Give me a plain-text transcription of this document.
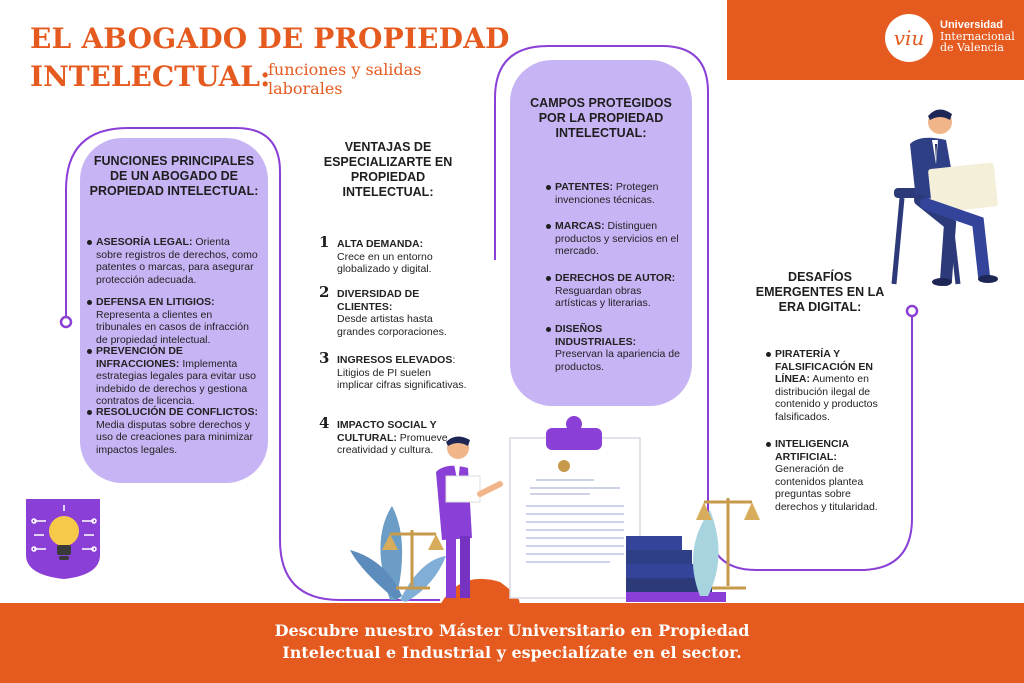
EL ABOGADO DE PROPIEDAD
INTELECTUAL:
funciones y salidas laborales
viu
Universidad
Internacional
de Valencia
FUNCIONES PRINCIPALES DE UN ABOGADO DE PROPIEDAD INTELECTUAL:
ASESORÍA LEGAL: Orienta sobre registros de derechos, como patentes o marcas, para asegurar protección adecuada.
DEFENSA EN LITIGIOS: Representa a clientes en tribunales en casos de infracción de propiedad intelectual.
PREVENCIÓN DE INFRACCIONES: Implementa estrategias legales para evitar uso indebido de derechos y gestiona contratos de licencia.
RESOLUCIÓN DE CONFLICTOS: Media disputas sobre derechos y uso de creaciones para minimizar impactos legales.
VENTAJAS DE ESPECIALIZARTE EN PROPIEDAD INTELECTUAL:
1 ALTA DEMANDA:
Crece en un entorno globalizado y digital.
2 DIVERSIDAD DE CLIENTES:
Desde artistas hasta grandes corporaciones.
3 INGRESOS ELEVADOS: Litigios de PI suelen implicar cifras significativas.
4 IMPACTO SOCIAL Y CULTURAL: Promueve creatividad y cultura.
CAMPOS PROTEGIDOS POR LA PROPIEDAD INTELECTUAL:
PATENTES: Protegen invenciones técnicas.
MARCAS: Distinguen productos y servicios en el mercado.
DERECHOS DE AUTOR: Resguardan obras artísticas y literarias.
DISEÑOS INDUSTRIALES: Preservan la apariencia de productos.
DESAFÍOS EMERGENTES EN LA ERA DIGITAL:
PIRATERÍA Y FALSIFICACIÓN EN LÍNEA: Aumento en distribución ilegal de contenido y productos falsificados.
INTELIGENCIA ARTIFICIAL: Generación de contenidos plantea preguntas sobre derechos y titularidad.
Descubre nuestro Máster Universitario en Propiedad
Intelectual e Industrial y especialízate en el sector.
